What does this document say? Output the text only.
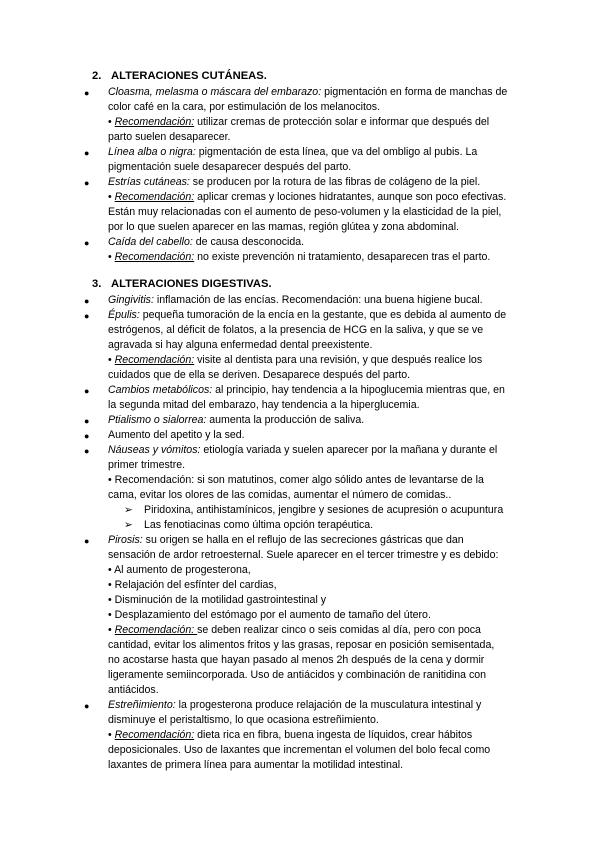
2. ALTERACIONES CUTÁNEAS.
●	Cloasma, melasma o máscara del embarazo: pigmentación en forma de manchas de
color café en la cara, por estimulación de los melanocitos.
• Recomendación: utilizar cremas de protección solar e informar que después del
parto suelen desaparecer.
●	Línea alba o nigra: pigmentación de esta línea, que va del ombligo al pubis. La
pigmentación suele desaparecer después del parto.
●	Estrías cutáneas: se producen por la rotura de las fibras de colágeno de la piel.
• Recomendación: aplicar cremas y lociones hidratantes, aunque son poco efectivas.
Están muy relacionadas con el aumento de peso-volumen y la elasticidad de la piel,
por lo que suelen aparecer en las mamas, región glútea y zona abdominal.
●	Caída del cabello: de causa desconocida.
• Recomendación: no existe prevención ni tratamiento, desaparecen tras el parto.
3. ALTERACIONES DIGESTIVAS.
●	Gingivitis: inflamación de las encías. Recomendación: una buena higiene bucal.
●	Épulis: pequeña tumoración de la encía en la gestante, que es debida al aumento de
estrógenos, al déficit de folatos, a la presencia de HCG en la saliva, y que se ve
agravada si hay alguna enfermedad dental preexistente.
• Recomendación: visite al dentista para una revisión, y que después realice los
cuidados que de ella se deriven. Desaparece después del parto.
●	Cambios metabólicos: al principio, hay tendencia a la hipoglucemia mientras que, en
la segunda mitad del embarazo, hay tendencia a la hiperglucemia.
●	Ptialismo o sialorrea: aumenta la producción de saliva.
●	Aumento del apetito y la sed.
●	Náuseas y vómitos: etiología variada y suelen aparecer por la mañana y durante el
primer trimestre.
• Recomendación: si son matutinos, comer algo sólido antes de levantarse de la
cama, evitar los olores de las comidas, aumentar el número de comidas..
➢ Piridoxina, antihistamínicos, jengibre y sesiones de acupresión o acupuntura
➢ Las fenotiacinas como última opción terapéutica.
●	Pirosis: su origen se halla en el reflujo de las secreciones gástricas que dan
sensación de ardor retroesternal. Suele aparecer en el tercer trimestre y es debido:
• Al aumento de progesterona,
• Relajación del esfínter del cardias,
• Disminución de la motilidad gastrointestinal y
• Desplazamiento del estómago por el aumento de tamaño del útero.
• Recomendación: se deben realizar cinco o seis comidas al día, pero con poca
cantidad, evitar los alimentos fritos y las grasas, reposar en posición semisentada,
no acostarse hasta que hayan pasado al menos 2h después de la cena y dormir
ligeramente semiincorporada. Uso de antiácidos y combinación de ranitidina con
antiácidos.
●	Estreñimiento: la progesterona produce relajación de la musculatura intestinal y
disminuye el peristaltismo, lo que ocasiona estreñimiento.
• Recomendación: dieta rica en fibra, buena ingesta de líquidos, crear hábitos
deposicionales. Uso de laxantes que incrementan el volumen del bolo fecal como
laxantes de primera línea para aumentar la motilidad intestinal.
